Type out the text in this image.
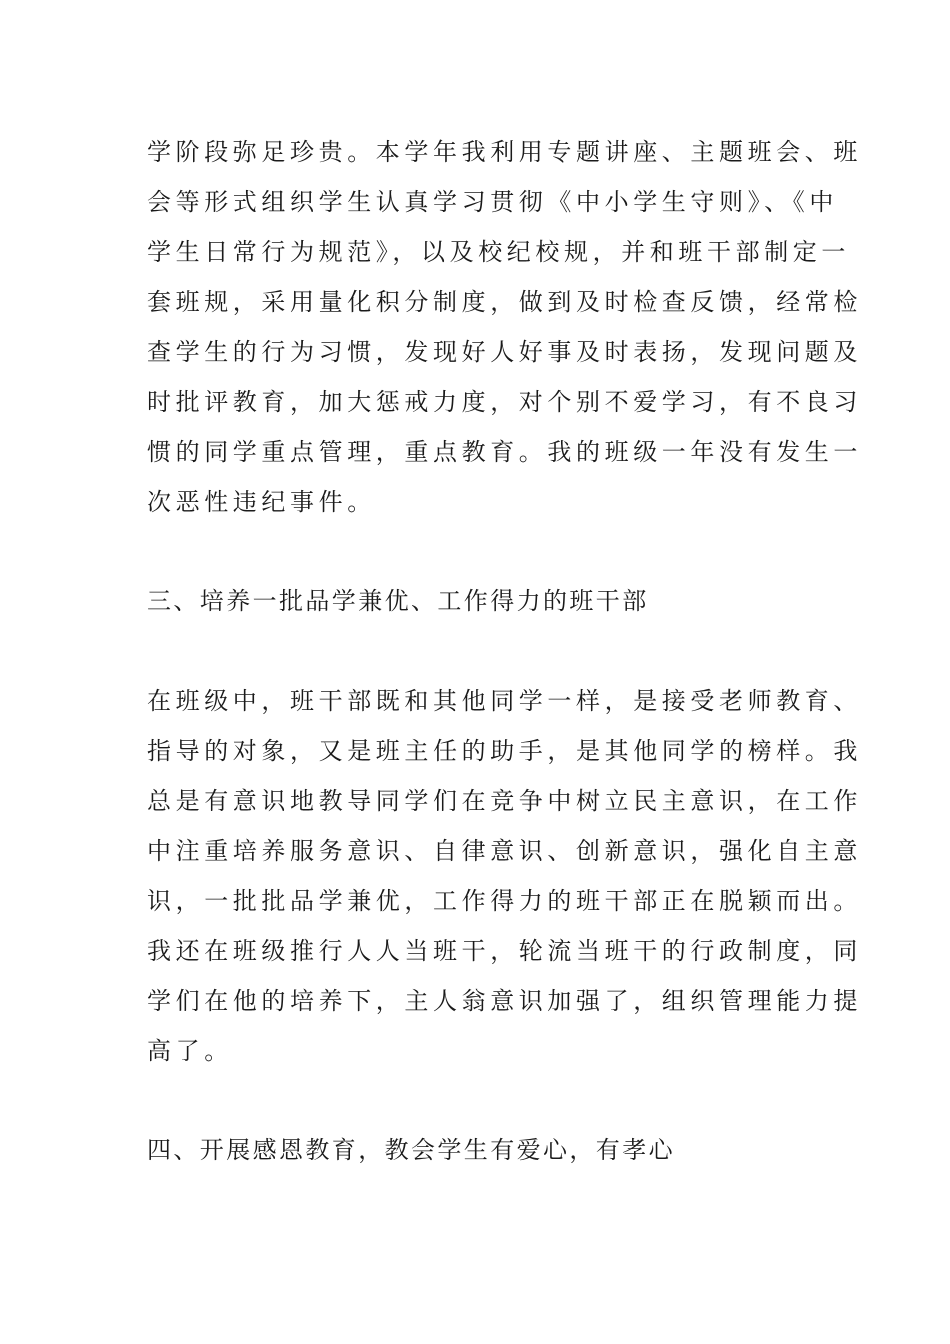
学阶段弥足珍贵。本学年我利用专题讲座、主题班会、班
会等形式组织学生认真学习贯彻《中小学生守则》、《中
学生日常行为规范》，以及校纪校规，并和班干部制定一
套班规，采用量化积分制度，做到及时检查反馈，经常检
查学生的行为习惯，发现好人好事及时表扬，发现问题及
时批评教育，加大惩戒力度，对个别不爱学习，有不良习
惯的同学重点管理，重点教育。我的班级一年没有发生一
次恶性违纪事件。
三、培养一批品学兼优、工作得力的班干部
在班级中，班干部既和其他同学一样，是接受老师教育、
指导的对象，又是班主任的助手，是其他同学的榜样。我
总是有意识地教导同学们在竞争中树立民主意识，在工作
中注重培养服务意识、自律意识、创新意识，强化自主意
识，一批批品学兼优，工作得力的班干部正在脱颖而出。
我还在班级推行人人当班干，轮流当班干的行政制度，同
学们在他的培养下，主人翁意识加强了，组织管理能力提
高了。
四、开展感恩教育，教会学生有爱心，有孝心
